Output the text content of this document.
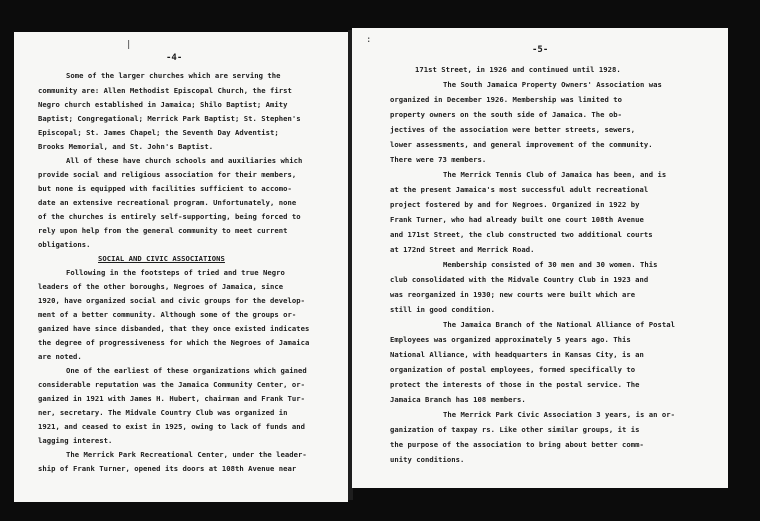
|	:
-4-
Some of the larger churches which are serving the
community are: Allen Methodist Episcopal Church, the first
Negro church established in Jamaica; Shilo Baptist; Amity
Baptist; Congregational; Merrick Park Baptist; St. Stephen's
Episcopal; St. James Chapel; the Seventh Day Adventist;
Brooks Memorial, and St. John's Baptist.
All of these have church schools and auxiliaries which
provide social and religious association for their members,
but none is equipped with facilities sufficient to accomo-
date an extensive recreational program. Unfortunately, none
of the churches is entirely self-supporting, being forced to
rely upon help from the general community to meet current
obligations.
SOCIAL AND CIVIC ASSOCIATIONS
Following in the footsteps of tried and true Negro
leaders of the other boroughs, Negroes of Jamaica, since
1920, have organized social and civic groups for the develop-
ment of a better community. Although some of the groups or-
ganized have since disbanded, that they once existed indicates
the degree of progressiveness for which the Negroes of Jamaica
are noted.
One of the earliest of these organizations which gained
considerable reputation was the Jamaica Community Center, or-
ganized in 1921 with James H. Hubert, chairman and Frank Tur-
ner, secretary. The Midvale Country Club was organized in
1921, and ceased to exist in 1925, owing to lack of funds and
lagging interest.
The Merrick Park Recreational Center, under the leader-
ship of Frank Turner, opened its doors at 108th Avenue near
-5-
171st Street, in 1926 and continued until 1928.
The South Jamaica Property Owners' Association was
organized in December 1926. Membership was limited to
property owners on the south side of Jamaica. The ob-
jectives of the association were better streets, sewers,
lower assessments, and general improvement of the community.
There were 73 members.
The Merrick Tennis Club of Jamaica has been, and is
at the present Jamaica's most successful adult recreational
project fostered by and for Negroes. Organized in 1922 by
Frank Turner, who had already built one court 108th Avenue
and 171st Street, the club constructed two additional courts
at 172nd Street and Merrick Road.
Membership consisted of 30 men and 30 women. This
club consolidated with the Midvale Country Club in 1923 and
was reorganized in 1930; new courts were built which are
still in good condition.
The Jamaica Branch of the National Alliance of Postal
Employees was organized approximately 5 years ago. This
National Alliance, with headquarters in Kansas City, is an
organization of postal employees, formed specifically to
protect the interests of those in the postal service. The
Jamaica Branch has 108 members.
The Merrick Park Civic Association 3 years, is an or-
ganization of taxpay rs. Like other similar groups, it is
the purpose of the association to bring about better comm-
unity conditions.
